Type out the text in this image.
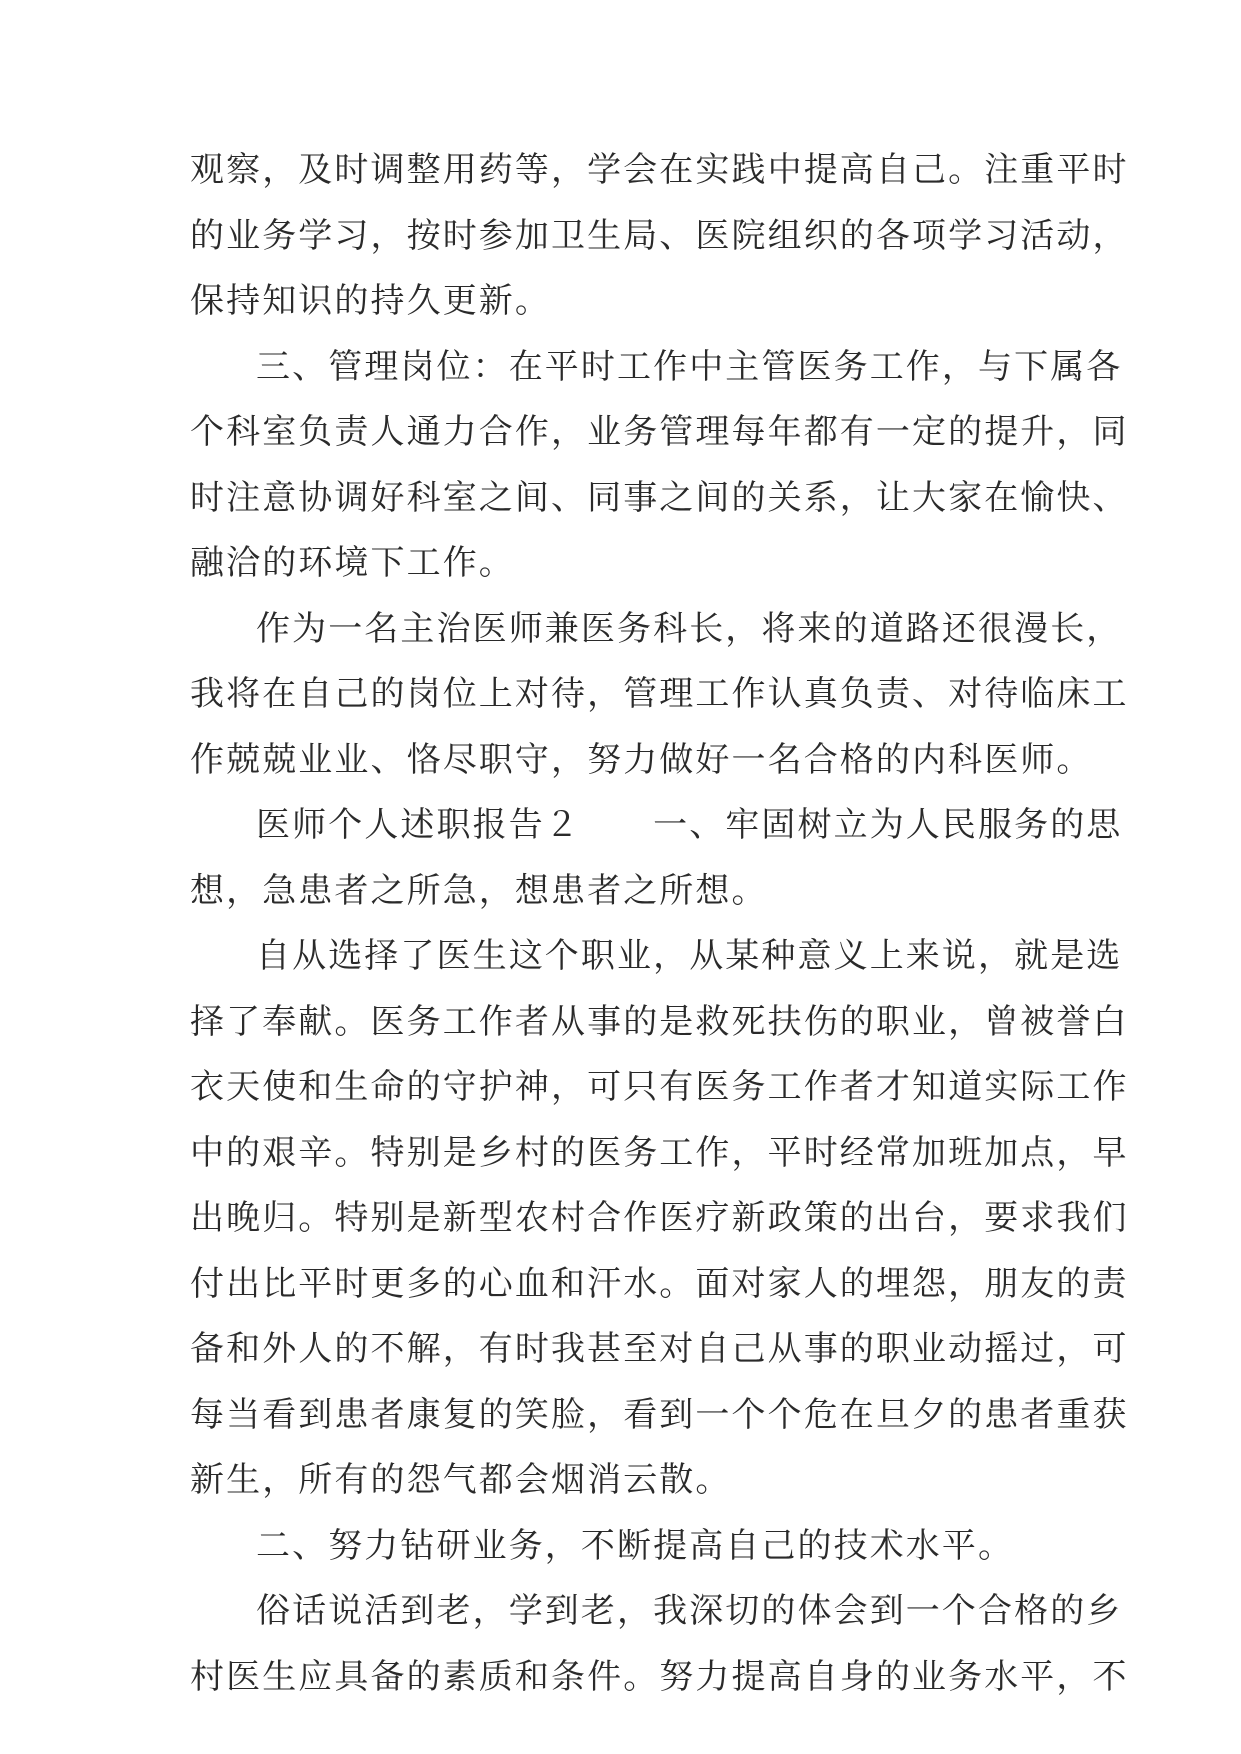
观察，及时调整用药等，学会在实践中提高自己。注重平时
的业务学习，按时参加卫生局、医院组织的各项学习活动，
保持知识的持久更新。
三、管理岗位：在平时工作中主管医务工作，与下属各
个科室负责人通力合作，业务管理每年都有一定的提升，同
时注意协调好科室之间、同事之间的关系，让大家在愉快、
融洽的环境下工作。
作为一名主治医师兼医务科长，将来的道路还很漫长，
我将在自己的岗位上对待，管理工作认真负责、对待临床工
作兢兢业业、恪尽职守，努力做好一名合格的内科医师。
医师个人述职报告２　　一、牢固树立为人民服务的思
想，急患者之所急，想患者之所想。
自从选择了医生这个职业，从某种意义上来说，就是选
择了奉献。医务工作者从事的是救死扶伤的职业，曾被誉白
衣天使和生命的守护神，可只有医务工作者才知道实际工作
中的艰辛。特别是乡村的医务工作，平时经常加班加点，早
出晚归。特别是新型农村合作医疗新政策的出台，要求我们
付出比平时更多的心血和汗水。面对家人的埋怨，朋友的责
备和外人的不解，有时我甚至对自己从事的职业动摇过，可
每当看到患者康复的笑脸，看到一个个危在旦夕的患者重获
新生，所有的怨气都会烟消云散。
二、努力钻研业务，不断提高自己的技术水平。
俗话说活到老，学到老，我深切的体会到一个合格的乡
村医生应具备的素质和条件。努力提高自身的业务水平，不
